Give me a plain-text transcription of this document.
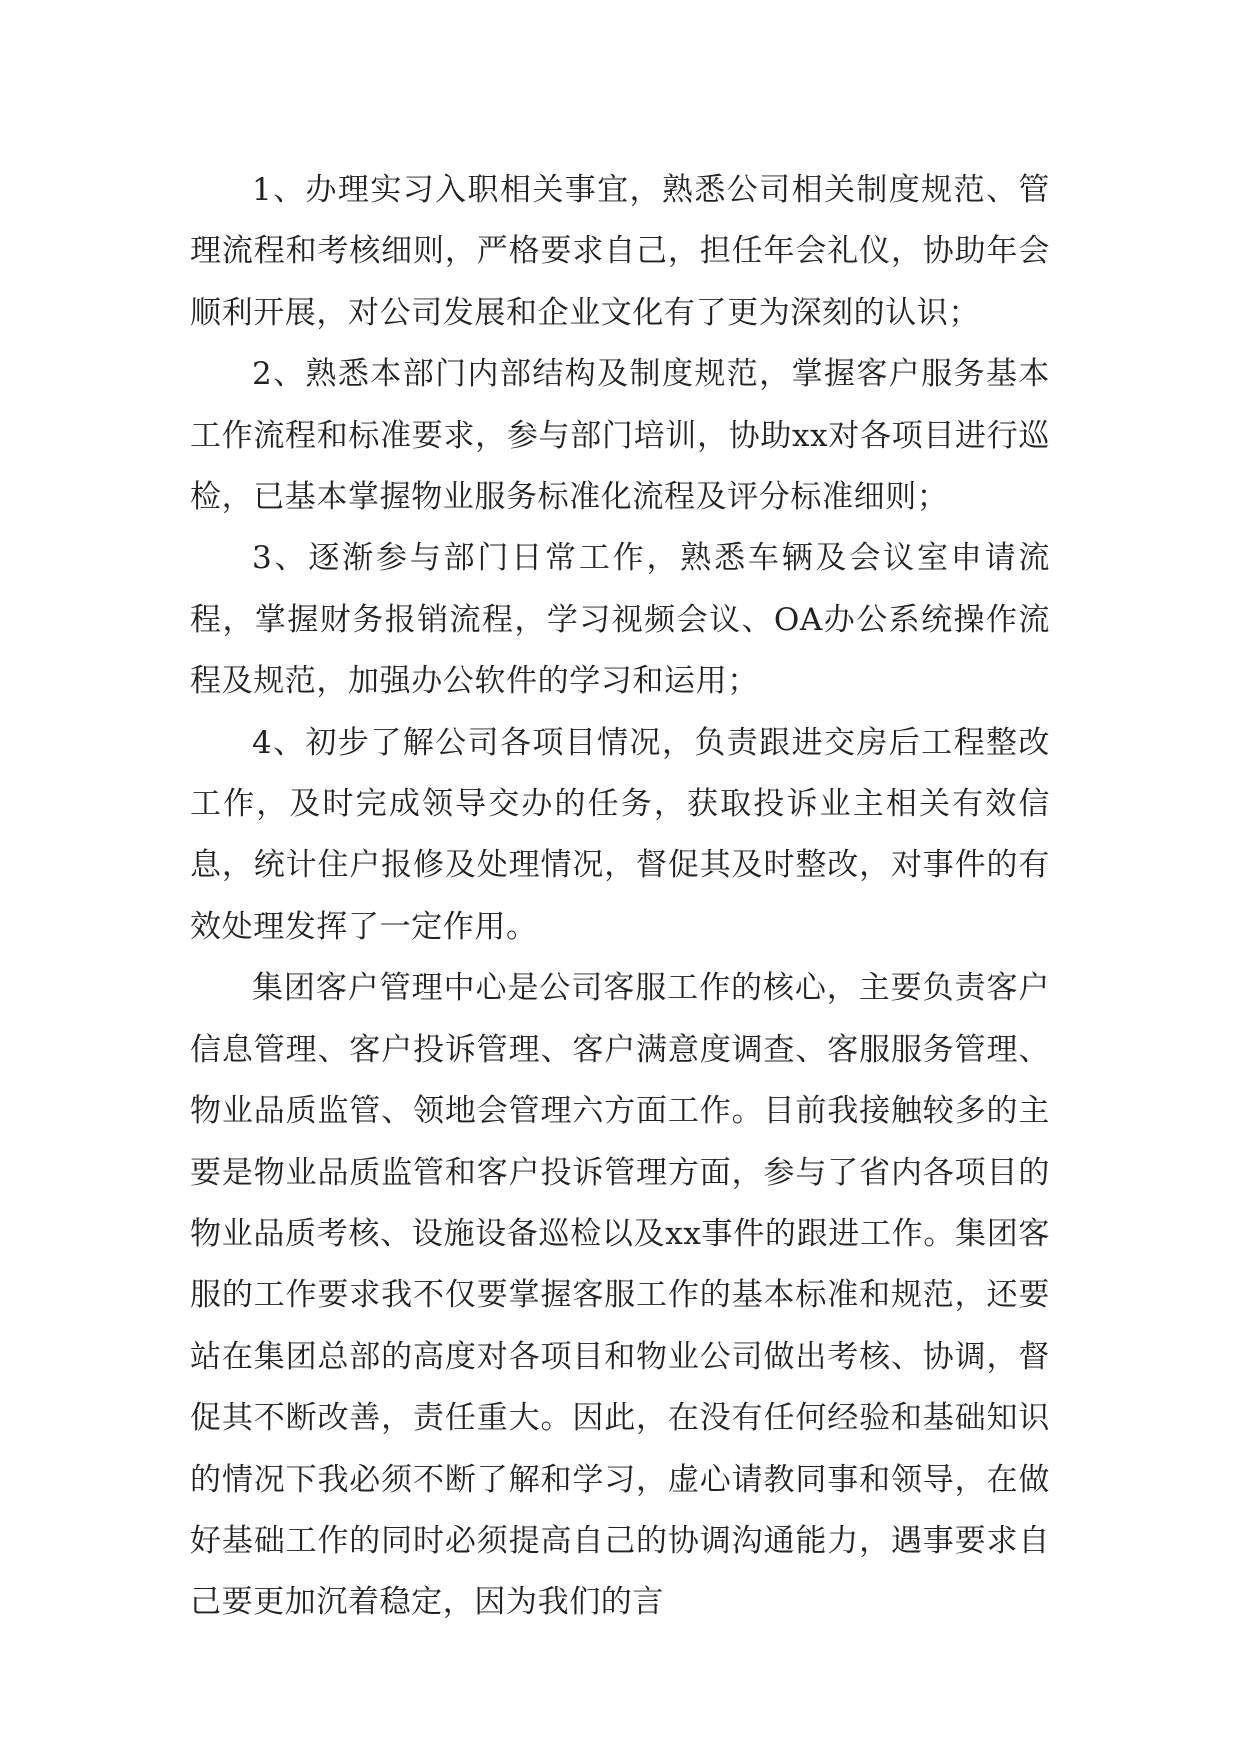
1、办理实习入职相关事宜，熟悉公司相关制度规范、管理流程和考核细则，严格要求自己，担任年会礼仪，协助年会顺利开展，对公司发展和企业文化有了更为深刻的认识；

2、熟悉本部门内部结构及制度规范，掌握客户服务基本工作流程和标准要求，参与部门培训，协助xx对各项目进行巡检，已基本掌握物业服务标准化流程及评分标准细则；

3、逐渐参与部门日常工作，熟悉车辆及会议室申请流程，掌握财务报销流程，学习视频会议、OA办公系统操作流程及规范，加强办公软件的学习和运用；

4、初步了解公司各项目情况，负责跟进交房后工程整改工作，及时完成领导交办的任务，获取投诉业主相关有效信息，统计住户报修及处理情况，督促其及时整改，对事件的有效处理发挥了一定作用。

集团客户管理中心是公司客服工作的核心，主要负责客户信息管理、客户投诉管理、客户满意度调查、客服服务管理、物业品质监管、领地会管理六方面工作。目前我接触较多的主要是物业品质监管和客户投诉管理方面，参与了省内各项目的物业品质考核、设施设备巡检以及xx事件的跟进工作。集团客服的工作要求我不仅要掌握客服工作的基本标准和规范，还要站在集团总部的高度对各项目和物业公司做出考核、协调，督促其不断改善，责任重大。因此，在没有任何经验和基础知识的情况下我必须不断了解和学习，虚心请教同事和领导，在做好基础工作的同时必须提高自己的协调沟通能力，遇事要求自己要更加沉着稳定，因为我们的言
